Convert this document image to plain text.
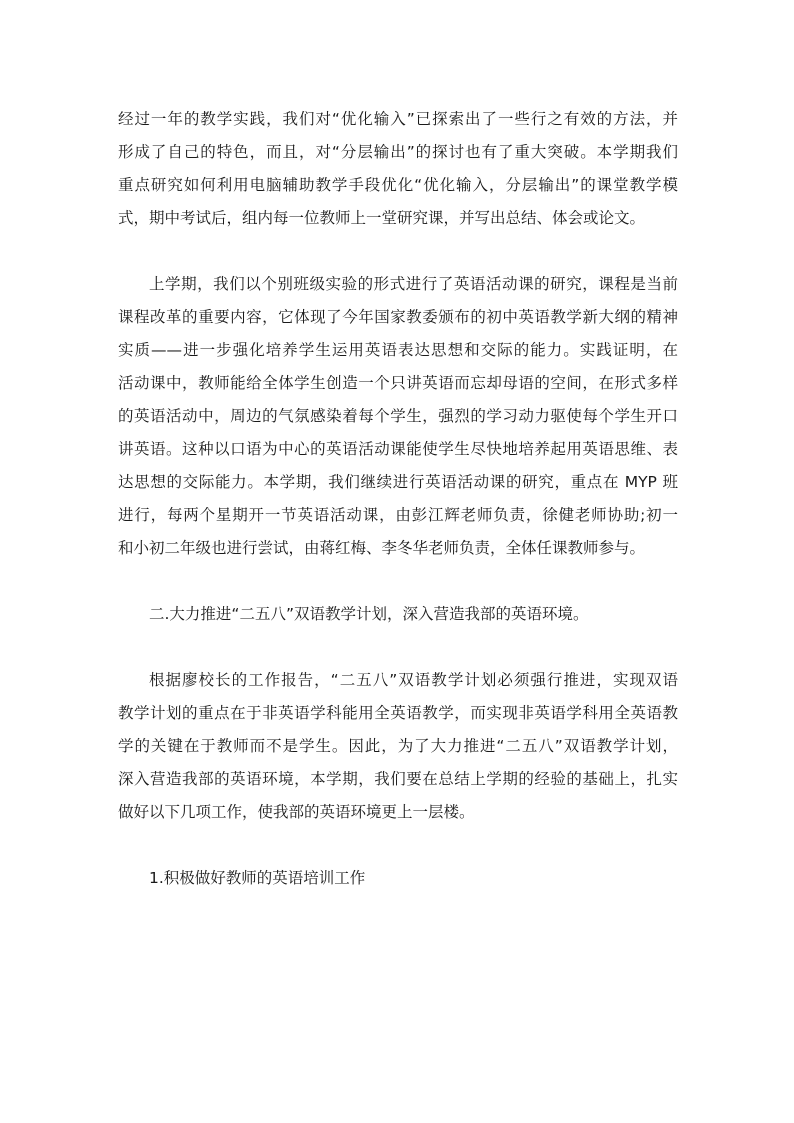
经过一年的教学实践，我们对“优化输入”已探索出了一些行之有效的方法，并
形成了自己的特色，而且，对“分层输出”的探讨也有了重大突破。本学期我们
重点研究如何利用电脑辅助教学手段优化“优化输入，分层输出”的课堂教学模
式，期中考试后，组内每一位教师上一堂研究课，并写出总结、体会或论文。
上学期，我们以个别班级实验的形式进行了英语活动课的研究，课程是当前
课程改革的重要内容，它体现了今年国家教委颁布的初中英语教学新大纲的精神
实质——进一步强化培养学生运用英语表达思想和交际的能力。实践证明，在
活动课中，教师能给全体学生创造一个只讲英语而忘却母语的空间，在形式多样
的英语活动中，周边的气氛感染着每个学生，强烈的学习动力驱使每个学生开口
讲英语。这种以口语为中心的英语活动课能使学生尽快地培养起用英语思维、表
达思想的交际能力。本学期，我们继续进行英语活动课的研究，重点在 MYP 班
进行，每两个星期开一节英语活动课，由彭江辉老师负责，徐健老师协助;初一
和小初二年级也进行尝试，由蒋红梅、李冬华老师负责，全体任课教师参与。
二.大力推进“二五八”双语教学计划，深入营造我部的英语环境。
根据廖校长的工作报告，“二五八”双语教学计划必须强行推进，实现双语
教学计划的重点在于非英语学科能用全英语教学，而实现非英语学科用全英语教
学的关键在于教师而不是学生。因此，为了大力推进“二五八”双语教学计划，
深入营造我部的英语环境，本学期，我们要在总结上学期的经验的基础上，扎实
做好以下几项工作，使我部的英语环境更上一层楼。
1.积极做好教师的英语培训工作
